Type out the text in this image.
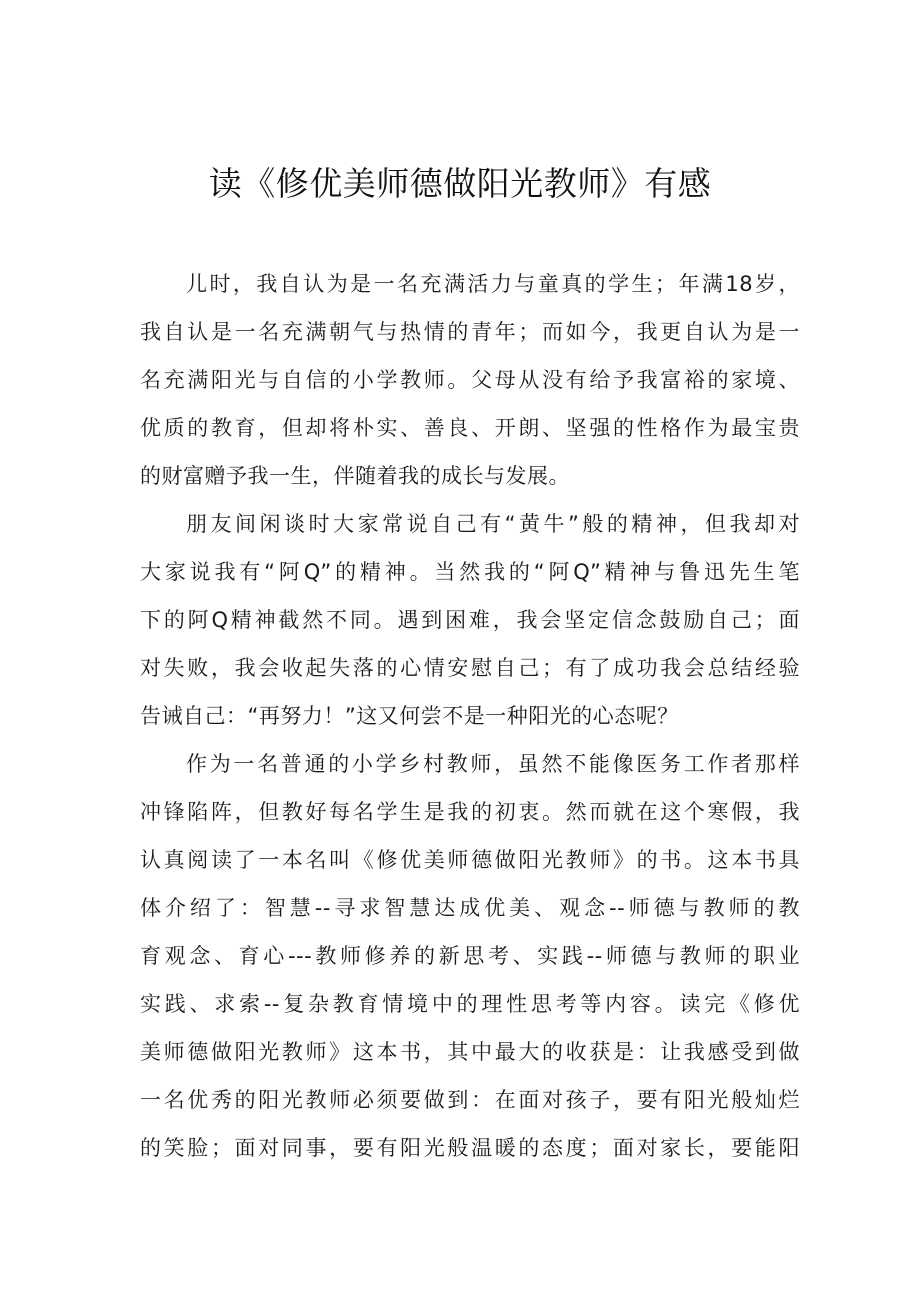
读《修优美师德做阳光教师》有感
儿时，我自认为是一名充满活力与童真的学生；年满18岁，
我自认是一名充满朝气与热情的青年；而如今，我更自认为是一
名充满阳光与自信的小学教师。父母从没有给予我富裕的家境、
优质的教育，但却将朴实、善良、开朗、坚强的性格作为最宝贵
的财富赠予我一生，伴随着我的成长与发展。
朋友间闲谈时大家常说自己有“黄牛”般的精神，但我却对
大家说我有“阿Q”的精神。当然我的“阿Q”精神与鲁迅先生笔
下的阿Q精神截然不同。遇到困难，我会坚定信念鼓励自己；面
对失败，我会收起失落的心情安慰自己；有了成功我会总结经验
告诫自己：“再努力！”这又何尝不是一种阳光的心态呢？
作为一名普通的小学乡村教师，虽然不能像医务工作者那样
冲锋陷阵，但教好每名学生是我的初衷。然而就在这个寒假，我
认真阅读了一本名叫《修优美师德做阳光教师》的书。这本书具
体介绍了：智慧--寻求智慧达成优美、观念--师德与教师的教
育观念、育心---教师修养的新思考、实践--师德与教师的职业
实践、求索--复杂教育情境中的理性思考等内容。读完《修优
美师德做阳光教师》这本书，其中最大的收获是：让我感受到做
一名优秀的阳光教师必须要做到：在面对孩子，要有阳光般灿烂
的笑脸；面对同事，要有阳光般温暖的态度；面对家长，要能阳
